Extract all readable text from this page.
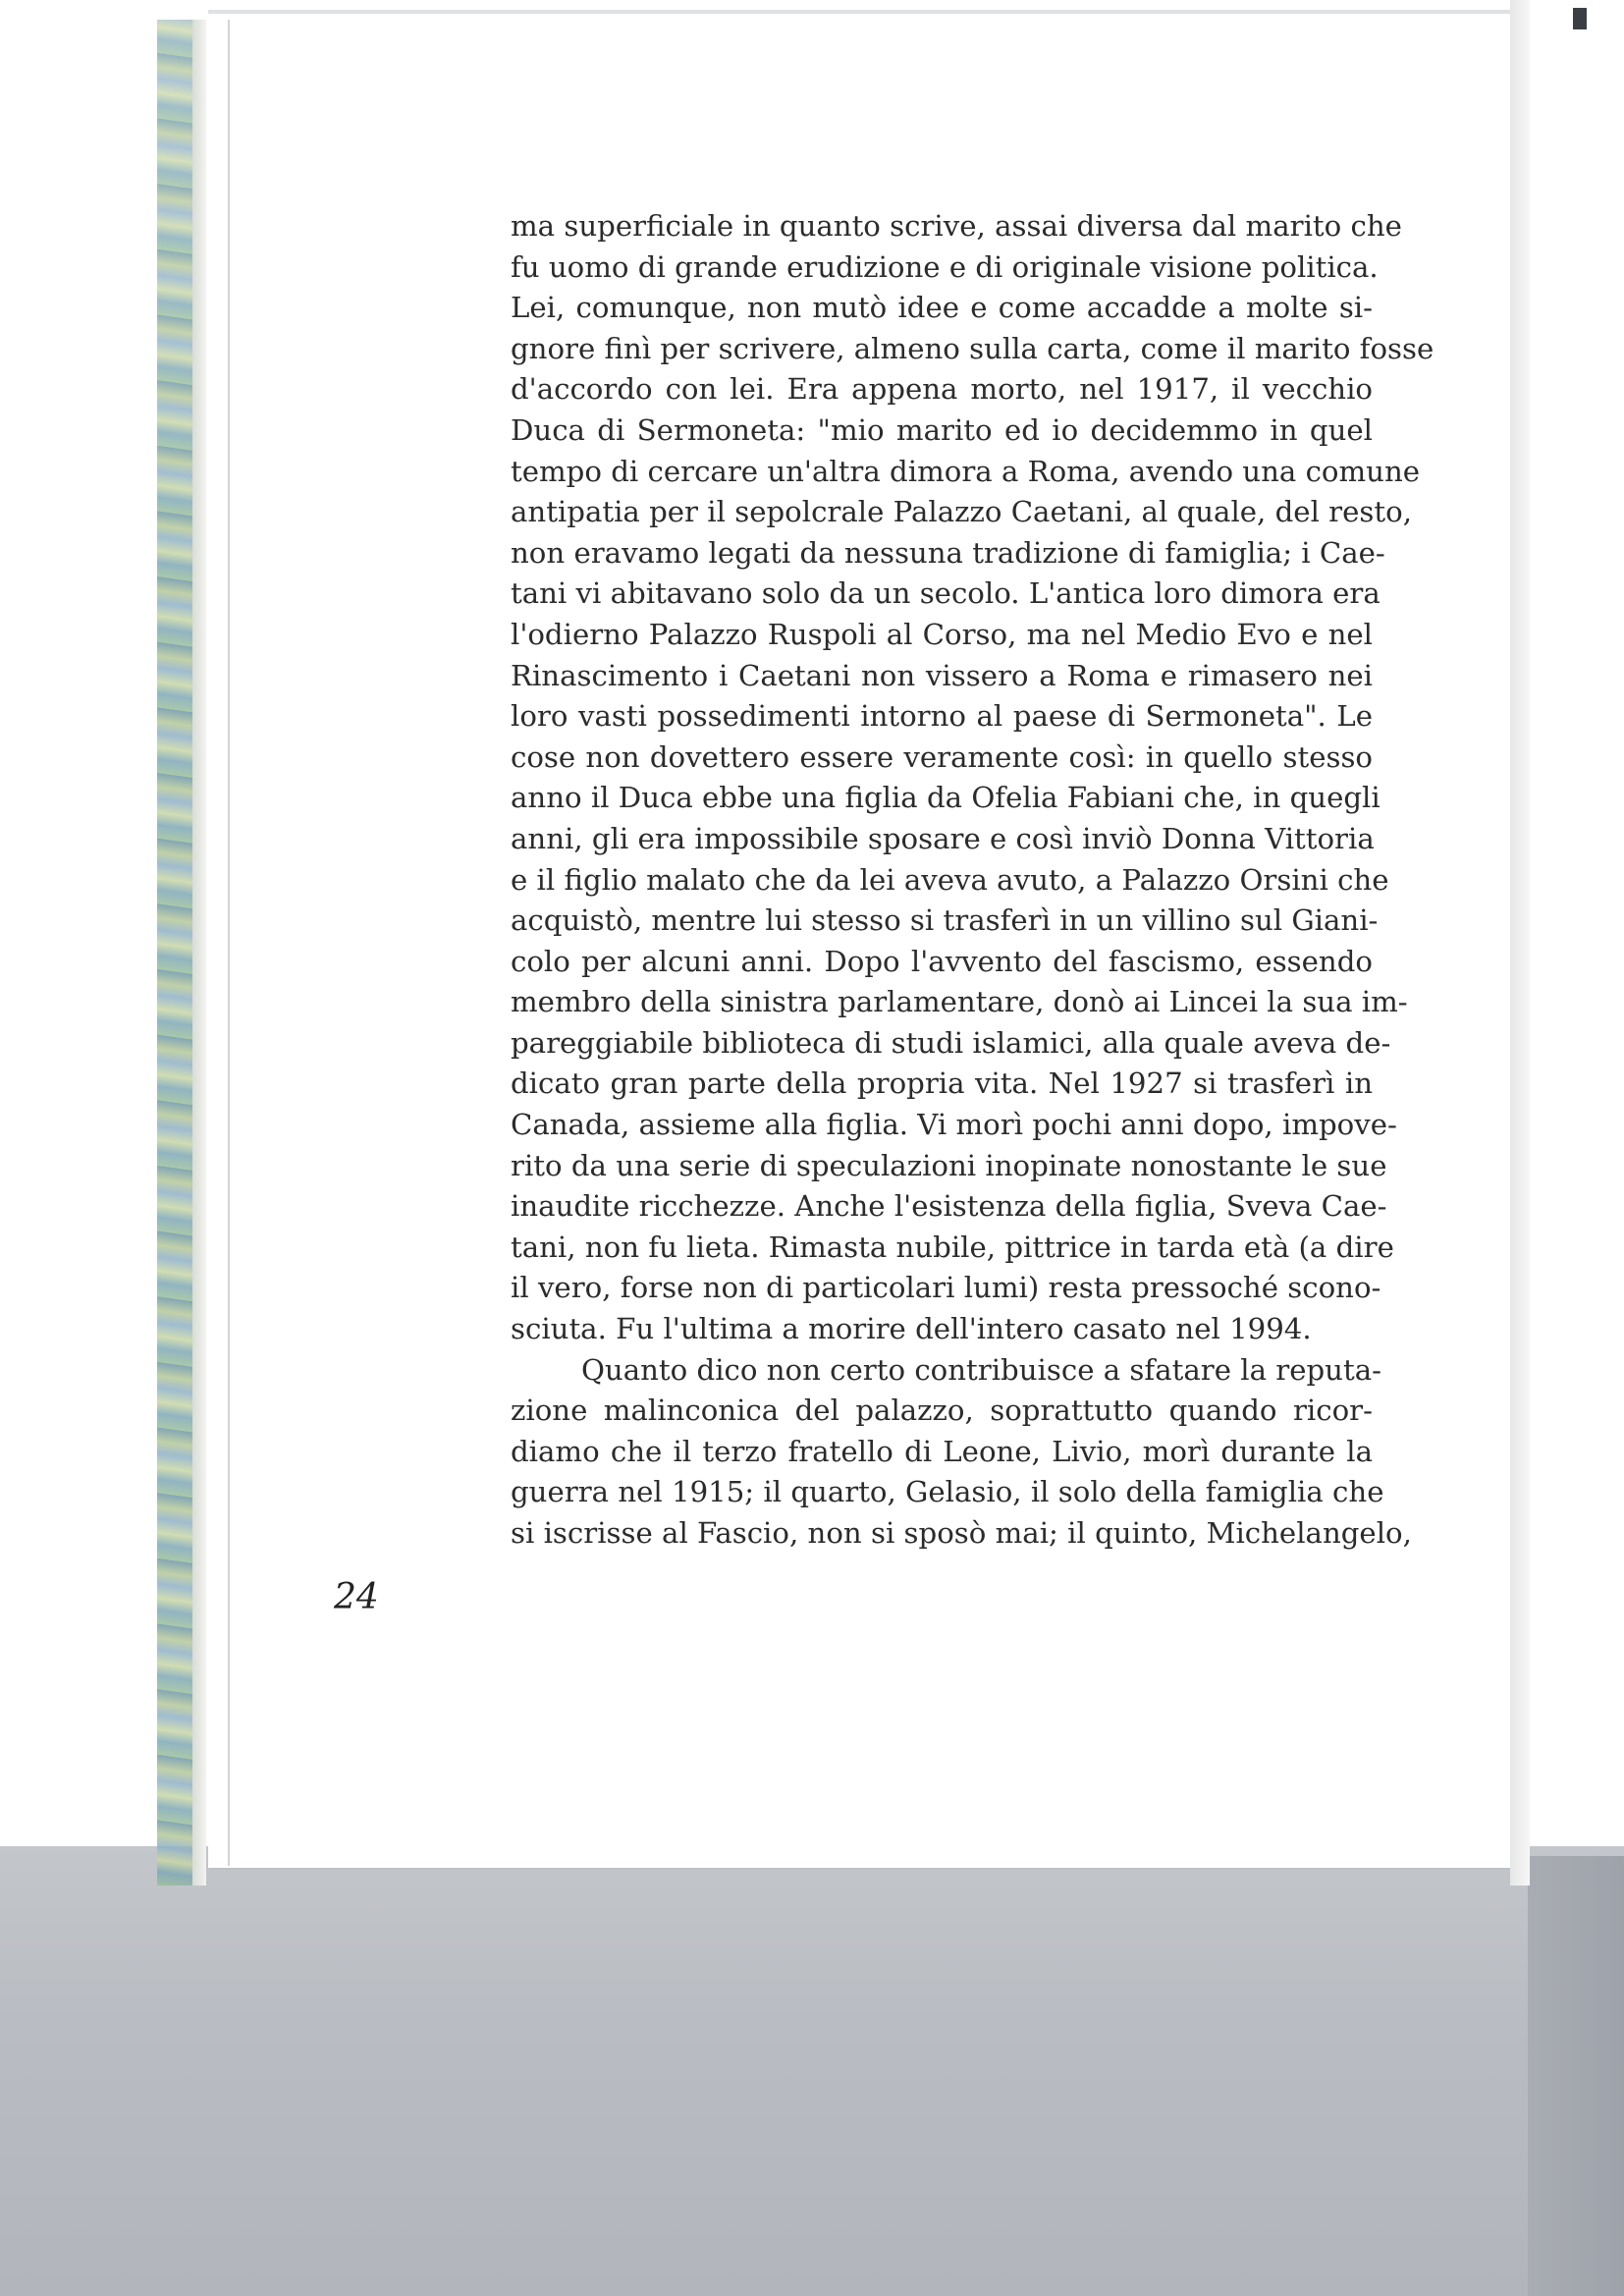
ma superficiale in quanto scrive, assai diversa dal marito che
fu uomo di grande erudizione e di originale visione politica.
Lei, comunque, non mutò idee e come accadde a molte si-
gnore finì per scrivere, almeno sulla carta, come il marito fosse
d'accordo con lei. Era appena morto, nel 1917, il vecchio
Duca di Sermoneta: "mio marito ed io decidemmo in quel
tempo di cercare un'altra dimora a Roma, avendo una comune
antipatia per il sepolcrale Palazzo Caetani, al quale, del resto,
non eravamo legati da nessuna tradizione di famiglia; i Cae-
tani vi abitavano solo da un secolo. L'antica loro dimora era
l'odierno Palazzo Ruspoli al Corso, ma nel Medio Evo e nel
Rinascimento i Caetani non vissero a Roma e rimasero nei
loro vasti possedimenti intorno al paese di Sermoneta". Le
cose non dovettero essere veramente così: in quello stesso
anno il Duca ebbe una figlia da Ofelia Fabiani che, in quegli
anni, gli era impossibile sposare e così inviò Donna Vittoria
e il figlio malato che da lei aveva avuto, a Palazzo Orsini che
acquistò, mentre lui stesso si trasferì in un villino sul Giani-
colo per alcuni anni. Dopo l'avvento del fascismo, essendo
membro della sinistra parlamentare, donò ai Lincei la sua im-
pareggiabile biblioteca di studi islamici, alla quale aveva de-
dicato gran parte della propria vita. Nel 1927 si trasferì in
Canada, assieme alla figlia. Vi morì pochi anni dopo, impove-
rito da una serie di speculazioni inopinate nonostante le sue
inaudite ricchezze. Anche l'esistenza della figlia, Sveva Cae-
tani, non fu lieta. Rimasta nubile, pittrice in tarda età (a dire
il vero, forse non di particolari lumi) resta pressoché scono-
sciuta. Fu l'ultima a morire dell'intero casato nel 1994.
Quanto dico non certo contribuisce a sfatare la reputa-
zione malinconica del palazzo, soprattutto quando ricor-
diamo che il terzo fratello di Leone, Livio, morì durante la
guerra nel 1915; il quarto, Gelasio, il solo della famiglia che
si iscrisse al Fascio, non si sposò mai; il quinto, Michelangelo,
24
